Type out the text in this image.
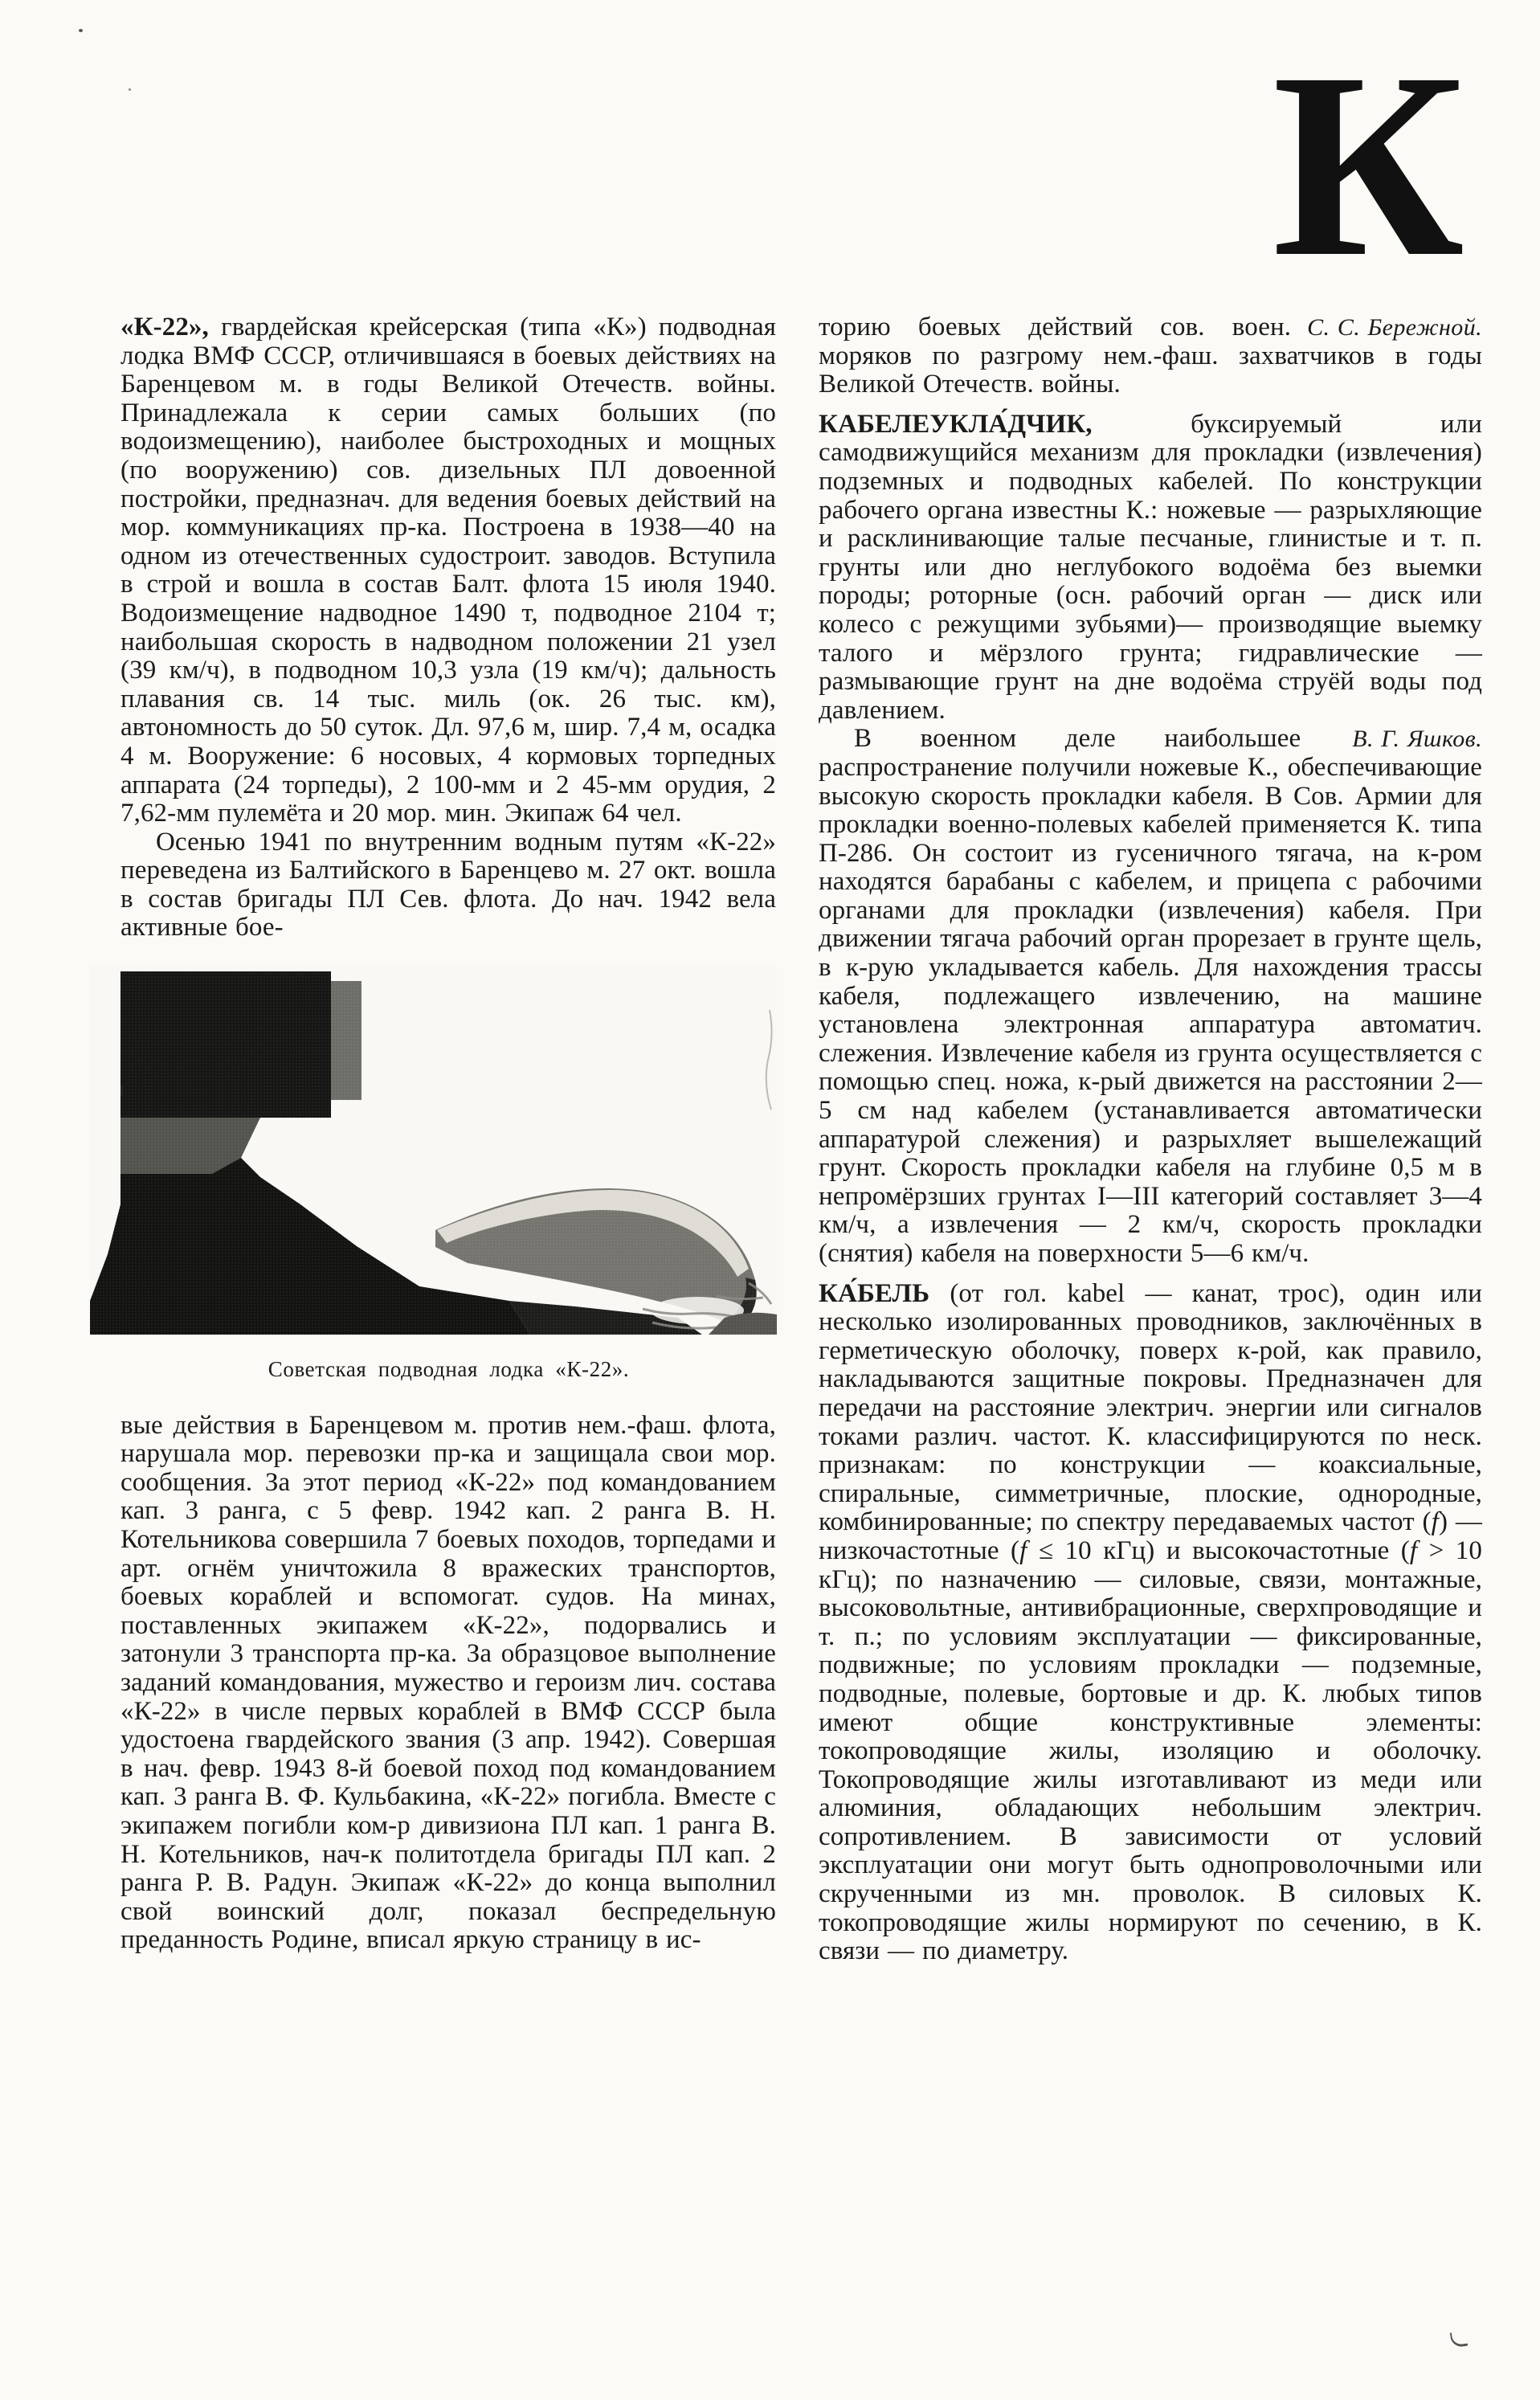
К

«К-22», гвардейская крейсерская (типа «К») подводная лодка ВМФ СССР, отличившаяся в боевых действиях на Баренцевом м. в годы Великой Отечеств. войны. Принадлежала к серии самых больших (по водоизмещению), наиболее быстроходных и мощных (по вооружению) сов. дизельных ПЛ довоенной постройки, предназнач. для ведения боевых действий на мор. коммуникациях пр-ка. Построена в 1938—40 на одном из отечественных судостроит. заводов. Вступила в строй и вошла в состав Балт. флота 15 июля 1940. Водоизмещение надводное 1490 т, подводное 2104 т; наибольшая скорость в надводном положении 21 узел (39 км/ч), в подводном 10,3 узла (19 км/ч); дальность плавания св. 14 тыс. миль (ок. 26 тыс. км), автономность до 50 суток. Дл. 97,6 м, шир. 7,4 м, осадка 4 м. Вооружение: 6 носовых, 4 кормовых торпедных аппарата (24 торпеды), 2 100-мм и 2 45-мм орудия, 2 7,62-мм пулемёта и 20 мор. мин. Экипаж 64 чел.

Осенью 1941 по внутренним водным путям «К-22» переведена из Балтийского в Баренцево м. 27 окт. вошла в состав бригады ПЛ Сев. флота. До нач. 1942 вела активные бое-

Советская подводная лодка «К-22».

вые действия в Баренцевом м. против нем.-фаш. флота, нарушала мор. перевозки пр-ка и защищала свои мор. сообщения. За этот период «К-22» под командованием кап. 3 ранга, с 5 февр. 1942 кап. 2 ранга В. Н. Котельникова совершила 7 боевых походов, торпедами и арт. огнём уничтожила 8 вражеских транспортов, боевых кораблей и вспомогат. судов. На минах, поставленных экипажем «К-22», подорвались и затонули 3 транспорта пр-ка. За образцовое выполнение заданий командования, мужество и героизм лич. состава «К-22» в числе первых кораблей в ВМФ СССР была удостоена гвардейского звания (3 апр. 1942). Совершая в нач. февр. 1943 8-й боевой поход под командованием кап. 3 ранга В. Ф. Кульбакина, «К-22» погибла. Вместе с экипажем погибли ком-р дивизиона ПЛ кап. 1 ранга В. Н. Котельников, нач-к политотдела бригады ПЛ кап. 2 ранга Р. В. Радун. Экипаж «К-22» до конца выполнил свой воинский долг, показал беспредельную преданность Родине, вписал яркую страницу в ис-

С. С. Бережной.
торию боевых действий сов. воен. моряков по разгрому нем.-фаш. захватчиков в годы Великой Отечеств. войны.

КАБЕЛЕУКЛА́ДЧИК, буксируемый или самодвижущийся механизм для прокладки (извлечения) подземных и подводных кабелей. По конструкции рабочего органа известны К.: ножевые — разрыхляющие и расклинивающие талые песчаные, глинистые и т. п. грунты или дно неглубокого водоёма без выемки породы; роторные (осн. рабочий орган — диск или колесо с режущими зубьями)— производящие выемку талого и мёрзлого грунта; гидравлические — размывающие грунт на дне водоёма струёй воды под давлением.

В. Г. Яшков.
В военном деле наибольшее распространение получили ножевые К., обеспечивающие высокую скорость прокладки кабеля. В Сов. Армии для прокладки военно-полевых кабелей применяется К. типа П-286. Он состоит из гусеничного тягача, на к-ром находятся барабаны с кабелем, и прицепа с рабочими органами для прокладки (извлечения) кабеля. При движении тягача рабочий орган прорезает в грунте щель, в к-рую укладывается кабель. Для нахождения трассы кабеля, подлежащего извлечению, на машине установлена электронная аппаратура автоматич. слежения. Извлечение кабеля из грунта осуществляется с помощью спец. ножа, к-рый движется на расстоянии 2—5 см над кабелем (устанавливается автоматически аппаратурой слежения) и разрыхляет вышележащий грунт. Скорость прокладки кабеля на глубине 0,5 м в непромёрзших грунтах I—III категорий составляет 3—4 км/ч, а извлечения — 2 км/ч, скорость прокладки (снятия) кабеля на поверхности 5—6 км/ч.

КА́БЕЛЬ (от гол. kabel — канат, трос), один или несколько изолированных проводников, заключённых в герметическую оболочку, поверх к-рой, как правило, накладываются защитные покровы. Предназначен для передачи на расстояние электрич. энергии или сигналов токами различ. частот. К. классифицируются по неск. признакам: по конструкции — коаксиальные, спиральные, симметричные, плоские, однородные, комбинированные; по спектру передаваемых частот (f) — низкочастотные (f ≤ 10 кГц) и высокочастотные (f > 10 кГц); по назначению — силовые, связи, монтажные, высоковольтные, антивибрационные, сверхпроводящие и т. п.; по условиям эксплуатации — фиксированные, подвижные; по условиям прокладки — подземные, подводные, полевые, бортовые и др. К. любых типов имеют общие конструктивные элементы: токопроводящие жилы, изоляцию и оболочку. Токопроводящие жилы изготавливают из меди или алюминия, обладающих небольшим электрич. сопротивлением. В зависимости от условий эксплуатации они могут быть однопроволочными или скрученными из мн. проволок. В силовых К. токопроводящие жилы нормируют по сечению, в К. связи — по диаметру.
